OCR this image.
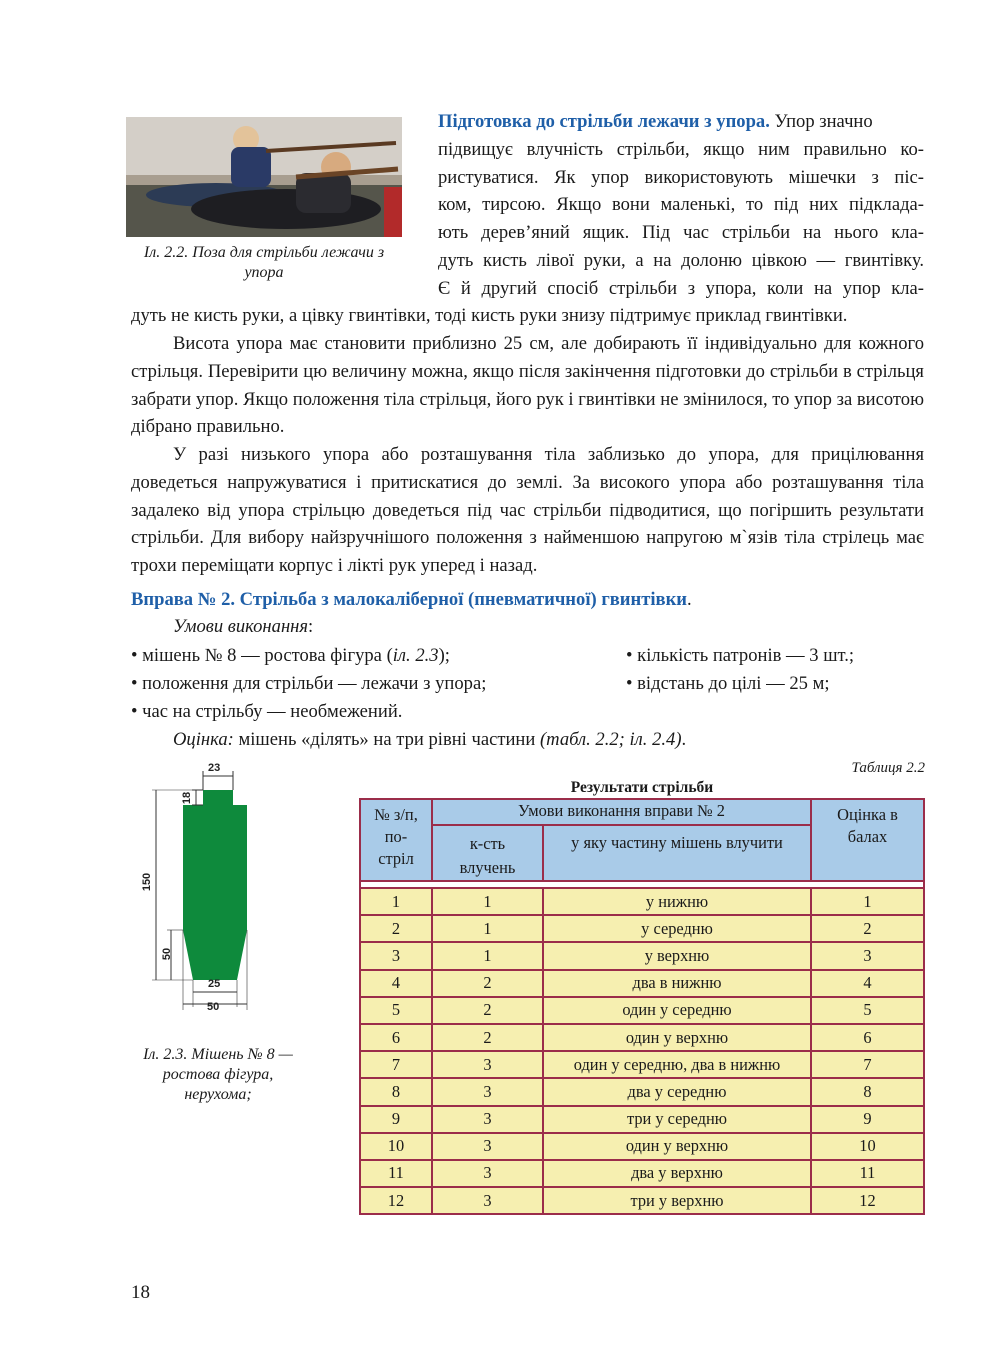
Іл. 2.2. Поза для стрільби лежачи з упора

Підготовка до стрільби лежачи з упора. Упор значно

підвищує влучність стрільби, якщо ним правильно ко-

ристуватися. Як упор використовують мішечки з піс-

ком, тирсою. Якщо вони маленькі, то під них підклада-

ють дерев’яний ящик. Під час стрільби на нього кла-

дуть кисть лівої руки, а на долоню цівкою — гвинтівку.

Є й другий спосіб стрільби з упора, коли на упор кла-

дуть не кисть руки, а цівку гвинтівки, тоді кисть руки знизу підтримує приклад гвинтівки.

Висота упора має становити приблизно 25 см, але добирають її індивідуально для кожного стрільця. Перевірити цю величину можна, якщо після закінчення підготовки до стрільби в стрільця забрати упор. Якщо положення тіла стрільця, його рук і гвинтівки не змінилося, то упор за висотою дібрано правильно.

У разі низького упора або розташування тіла заблизько до упора, для прицілювання доведеться напружуватися і притискатися до землі. За високого упора або розташування тіла задалеко від упора стрільцю доведеться під час стрільби підводитися, що погіршить результати стрільби. Для вибору найзручнішого положення з найменшою напругою м`язів тіла стрілець має трохи переміщати корпус і лікті рук уперед і назад.

Вправа № 2. Стрільба з малокаліберної (пневматичної) гвинтівки.
Умови виконання:
• мішень № 8 — ростова фігура (іл. 2.3);
• положення для стрільби — лежачи з упора;
• час на стрільбу — необмежений.
• кількість патронів — 3 шт.;
• відстань до цілі — 25 м;
Оцінка: мішень «ділять» на три рівні частини (табл. 2.2; іл. 2.4).
23
18
150
50
25
50
Іл. 2.3. Мішень № 8 — ростова фігура, нерухома;
Таблиця 2.2
Результати стрільби
№ з/п, по-стріл	Умови виконання вправи № 2		Оцінка в балах

	к-сть влучень	у яку частину мішень влучити	

1	1	у нижню	1
2	1	у середню	2
3	1	у верхню	3
4	2	два в нижню	4
5	2	один у середню	5
6	2	один у верхню	6
7	3	один у середню, два в нижню	7
8	3	два у середню	8
9	3	три у середню	9
10	3	один у верхню	10
11	3	два у верхню	11
12	3	три у верхню	12
18
